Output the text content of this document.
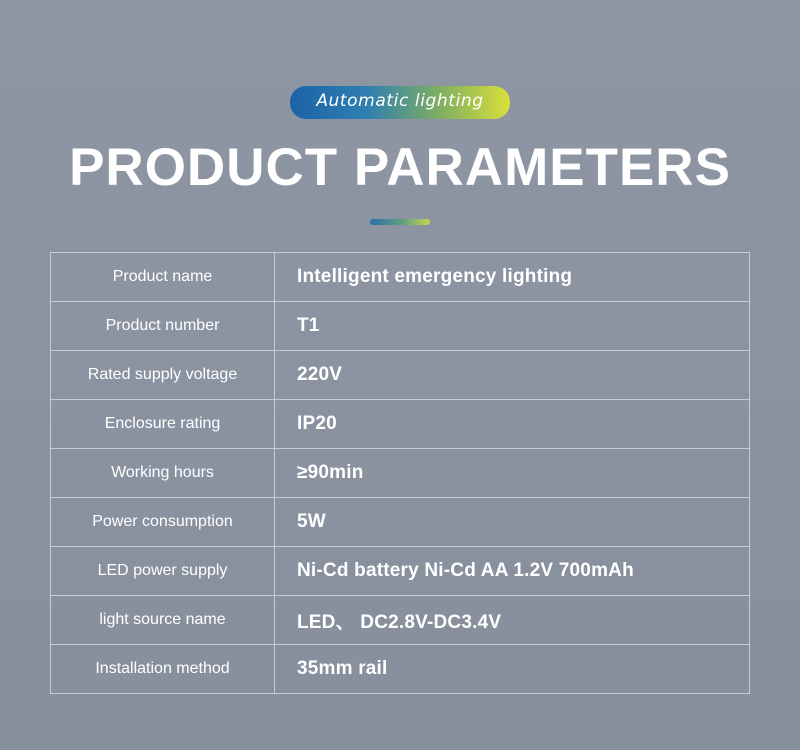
Automatic lighting
PRODUCT PARAMETERS
Product name	Intelligent emergency lighting
Product number	T1
Rated supply voltage	220V
Enclosure rating	IP20
Working hours	≥90min
Power consumption	5W
LED power supply	Ni-Cd battery Ni-Cd AA 1.2V 700mAh
light source name	LED、 DC2.8V-DC3.4V
Installation method	35mm rail
